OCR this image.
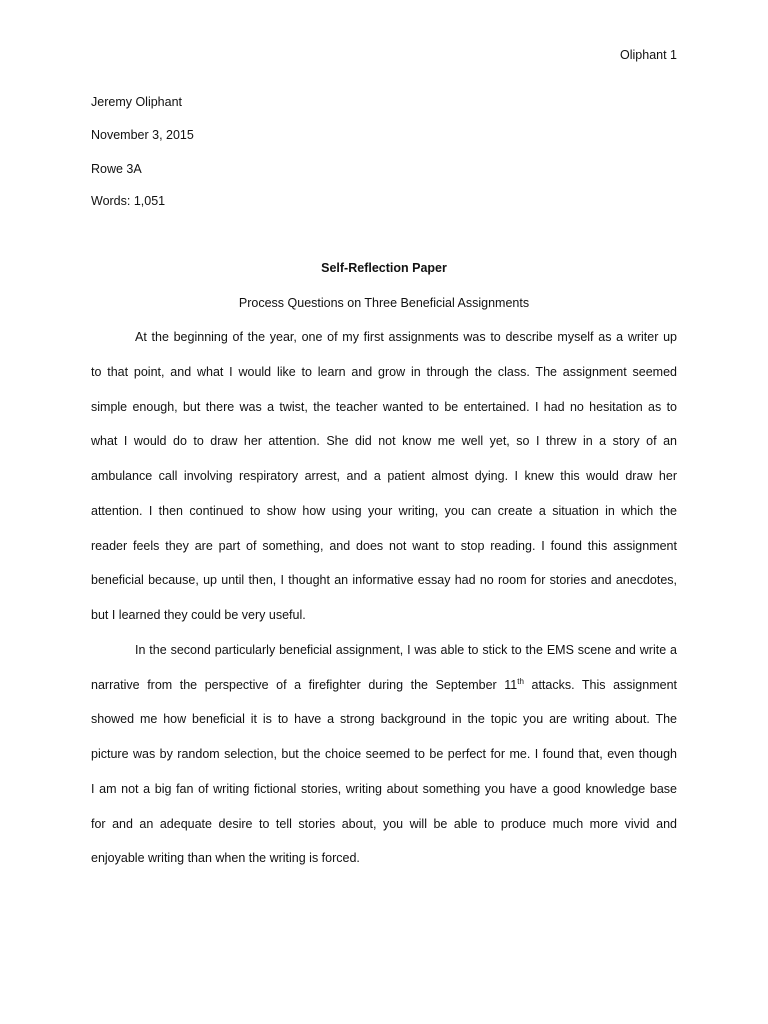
Oliphant 1
Jeremy Oliphant
November 3, 2015
Rowe 3A
Words: 1,051
Self-Reflection Paper
Process Questions on Three Beneficial Assignments
At the beginning of the year, one of my first assignments was to describe myself as a writer up
to that point, and what I would like to learn and grow in through the class. The assignment seemed
simple enough, but there was a twist, the teacher wanted to be entertained. I had no hesitation as to
what I would do to draw her attention. She did not know me well yet, so I threw in a story of an
ambulance call involving respiratory arrest, and a patient almost dying. I knew this would draw her
attention. I then continued to show how using your writing, you can create a situation in which the
reader feels they are part of something, and does not want to stop reading. I found this assignment
beneficial because, up until then, I thought an informative essay had no room for stories and anecdotes,
but I learned they could be very useful.
In the second particularly beneficial assignment, I was able to stick to the EMS scene and write a
narrative from the perspective of a firefighter during the September 11th attacks. This assignment
showed me how beneficial it is to have a strong background in the topic you are writing about. The
picture was by random selection, but the choice seemed to be perfect for me. I found that, even though
I am not a big fan of writing fictional stories, writing about something you have a good knowledge base
for and an adequate desire to tell stories about, you will be able to produce much more vivid and
enjoyable writing than when the writing is forced.
